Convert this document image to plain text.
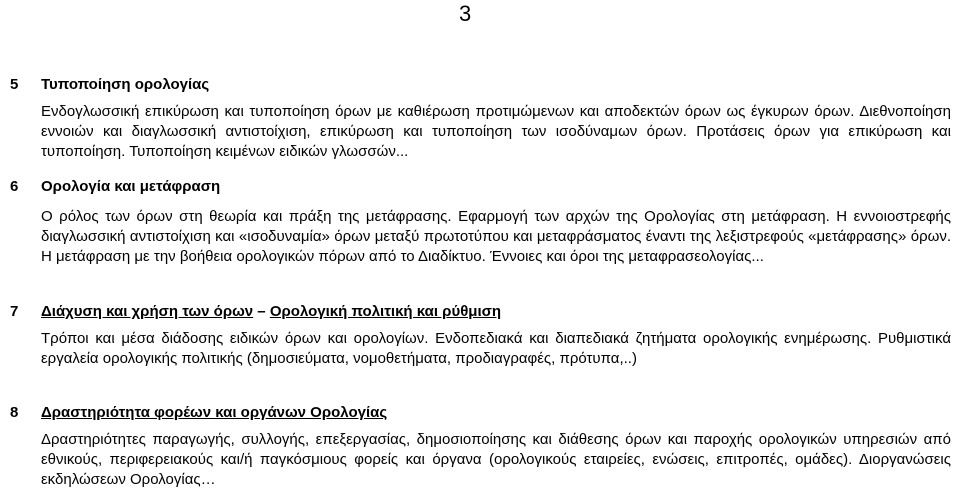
3
5 Τυποποίηση ορολογίας
Ενδογλωσσική επικύρωση και τυποποίηση όρων με καθιέρωση προτιμώμενων και αποδεκτών όρων ως έγκυρων όρων. Διεθνοποίηση εννοιών και διαγλωσσική αντιστοίχιση, επικύρωση και τυποποίηση των ισοδύναμων όρων. Προτάσεις όρων για επικύρωση και τυποποίηση. Τυποποίηση κειμένων ειδικών γλωσσών...
6 Ορολογία και μετάφραση
Ο ρόλος των όρων στη θεωρία και πράξη της μετάφρασης. Εφαρμογή των αρχών της Ορολογίας στη μετάφραση. Η εννοιοστρεφής διαγλωσσική αντιστοίχιση και «ισοδυναμία» όρων μεταξύ πρωτοτύπου και μεταφράσματος έναντι της λεξιστρεφούς «μετάφρασης» όρων. Η μετάφραση με την βοήθεια ορολογικών πόρων από το Διαδίκτυο. Έννοιες και όροι της μεταφρασεολογίας...
7 Διάχυση και χρήση των όρων – Ορολογική πολιτική και ρύθμιση
Τρόποι και μέσα διάδοσης ειδικών όρων και ορολογίων. Ενδοπεδιακά και διαπεδιακά ζητήματα ορολογικής ενημέρωσης. Ρυθμιστικά εργαλεία ορολογικής πολιτικής (δημοσιεύματα, νομοθετήματα, προδιαγραφές, πρότυπα,..)
8 Δραστηριότητα φορέων και οργάνων Ορολογίας
Δραστηριότητες παραγωγής, συλλογής, επεξεργασίας, δημοσιοποίησης και διάθεσης όρων και παροχής ορολογικών υπηρεσιών από εθνικούς, περιφερειακούς και/ή παγκόσμιους φορείς και όργανα (ορολογικούς εταιρείες, ενώσεις, επιτροπές, ομάδες). Διοργανώσεις εκδηλώσεων Ορολογίας…
